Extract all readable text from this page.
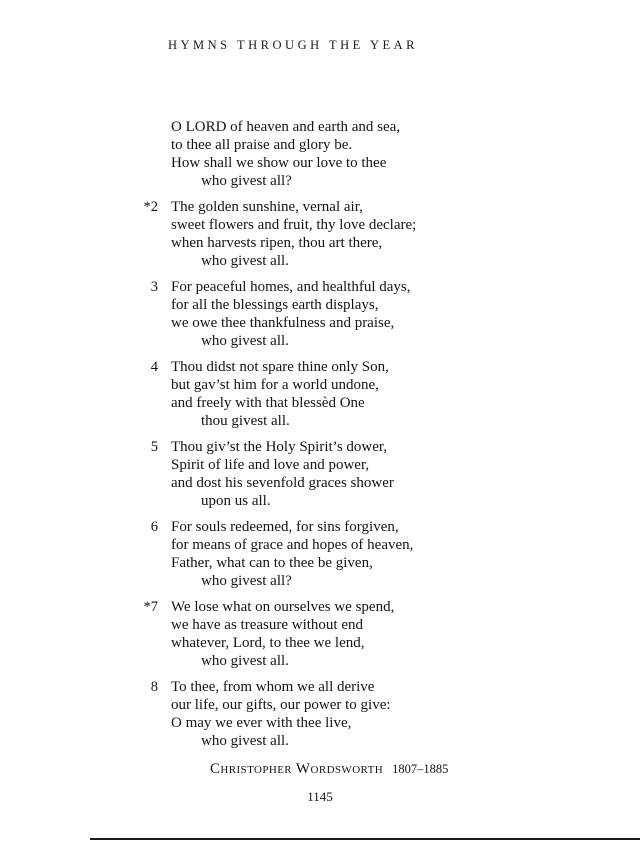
HYMNS THROUGH THE YEAR
O LORD of heaven and earth and sea,
to thee all praise and glory be.
How shall we show our love to thee
who givest all?
*2 The golden sunshine, vernal air,
sweet flowers and fruit, thy love declare;
when harvests ripen, thou art there,
who givest all.
3 For peaceful homes, and healthful days,
for all the blessings earth displays,
we owe thee thankfulness and praise,
who givest all.
4 Thou didst not spare thine only Son,
but gav’st him for a world undone,
and freely with that blessèd One
thou givest all.
5 Thou giv’st the Holy Spirit’s dower,
Spirit of life and love and power,
and dost his sevenfold graces shower
upon us all.
6 For souls redeemed, for sins forgiven,
for means of grace and hopes of heaven,
Father, what can to thee be given,
who givest all?
*7 We lose what on ourselves we spend,
we have as treasure without end
whatever, Lord, to thee we lend,
who givest all.
8 To thee, from whom we all derive
our life, our gifts, our power to give:
O may we ever with thee live,
who givest all.
Christopher Wordsworth 1807–1885
1145
